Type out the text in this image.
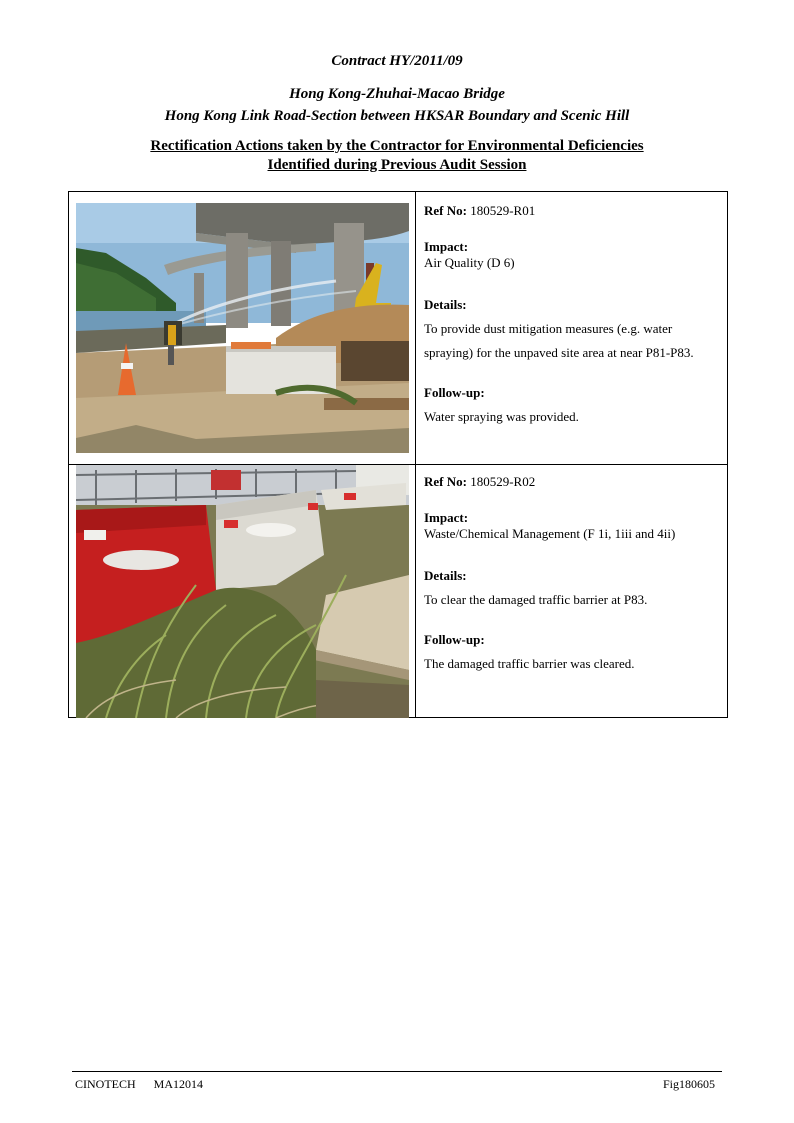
Contract HY/2011/09
Hong Kong-Zhuhai-Macao Bridge
Hong Kong Link Road-Section between HKSAR Boundary and Scenic Hill
Rectification Actions taken by the Contractor for Environmental Deficiencies
Identified during Previous Audit Session
Ref No: 180529-R01
Impact:
Air Quality (D 6)
Details:
To provide dust mitigation measures (e.g. water
spraying) for the unpaved site area at near P81-P83.
Follow-up:
Water spraying was provided.
Ref No: 180529-R02
Impact:
Waste/Chemical Management (F 1i, 1iii and 4ii)
Details:
To clear the damaged traffic barrier at P83.
Follow-up:
The damaged traffic barrier was cleared.
CINOTECH MA12014	Fig180605
